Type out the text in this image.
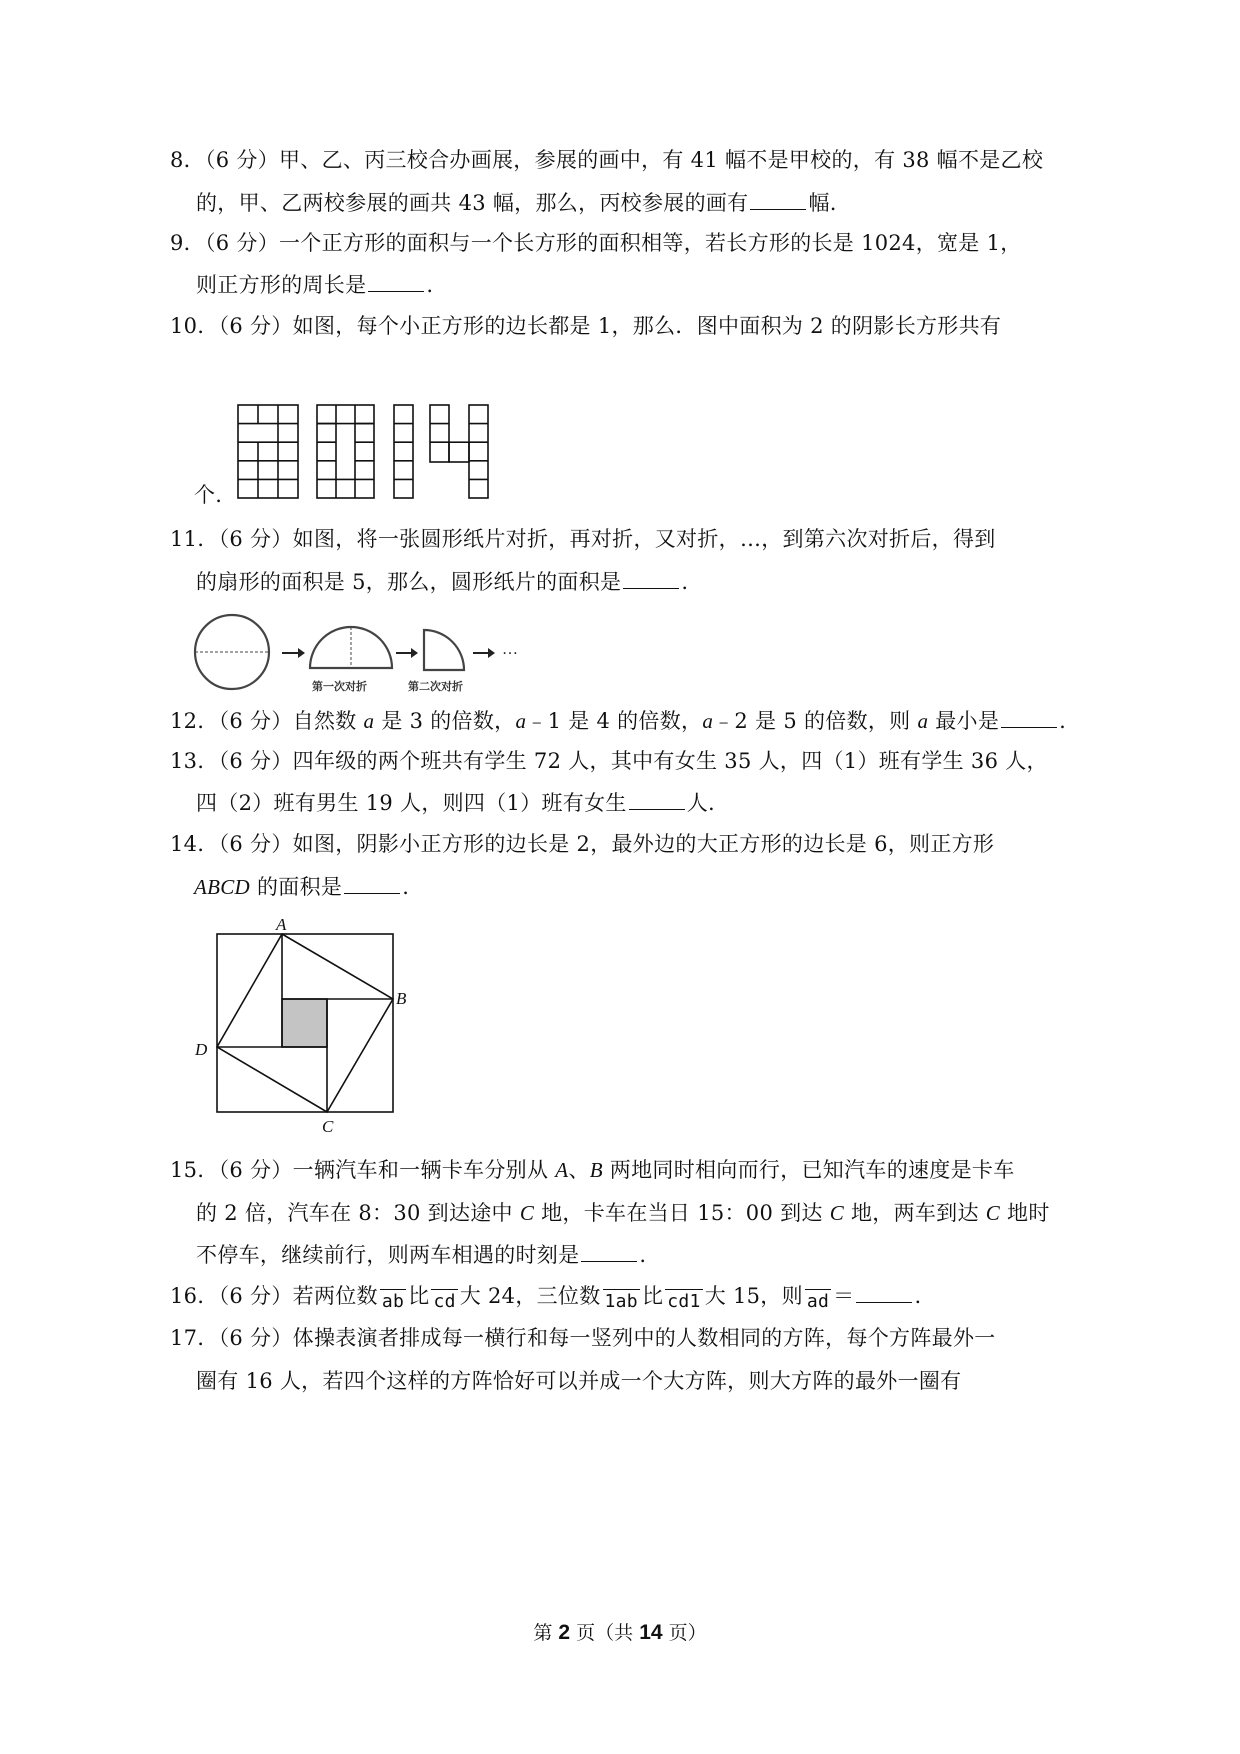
8．（6 分）甲、乙、丙三校合办画展，参展的画中，有 41 幅不是甲校的，有 38 幅不是乙校
的，甲、乙两校参展的画共 43 幅，那么，丙校参展的画有	幅.
9．（6 分）一个正方形的面积与一个长方形的面积相等，若长方形的长是 1024，宽是 1，
则正方形的周长是	.
10．（6 分）如图，每个小正方形的边长都是 1，那么．图中面积为 2 的阴影长方形共有
个.
11．（6 分）如图，将一张圆形纸片对折，再对折，又对折，…，到第六次对折后，得到
的扇形的面积是 5，那么，圆形纸片的面积是	.
…
第一次对折	第二次对折
12．（6 分）自然数 a 是 3 的倍数，a﹣1 是 4 的倍数，a﹣2 是 5 的倍数，则 a 最小是	.
13．（6 分）四年级的两个班共有学生 72 人，其中有女生 35 人，四（1）班有学生 36 人，
四（2）班有男生 19 人，则四（1）班有女生	人.
14．（6 分）如图，阴影小正方形的边长是 2，最外边的大正方形的边长是 6，则正方形
ABCD 的面积是	.
A
B
C
D
15．（6 分）一辆汽车和一辆卡车分别从 A、B 两地同时相向而行，已知汽车的速度是卡车
的 2 倍，汽车在 8：30 到达途中 C 地，卡车在当日 15：00 到达 C 地，两车到达 C 地时
不停车，继续前行，则两车相遇的时刻是	.
16．（6 分）若两位数 ab 比 cd 大 24，三位数 1ab 比 cd1 大 15，则 ad ＝	.
17．（6 分）体操表演者排成每一横行和每一竖列中的人数相同的方阵，每个方阵最外一
圈有 16 人，若四个这样的方阵恰好可以并成一个大方阵，则大方阵的最外一圈有
第 2 页（共 14 页）
